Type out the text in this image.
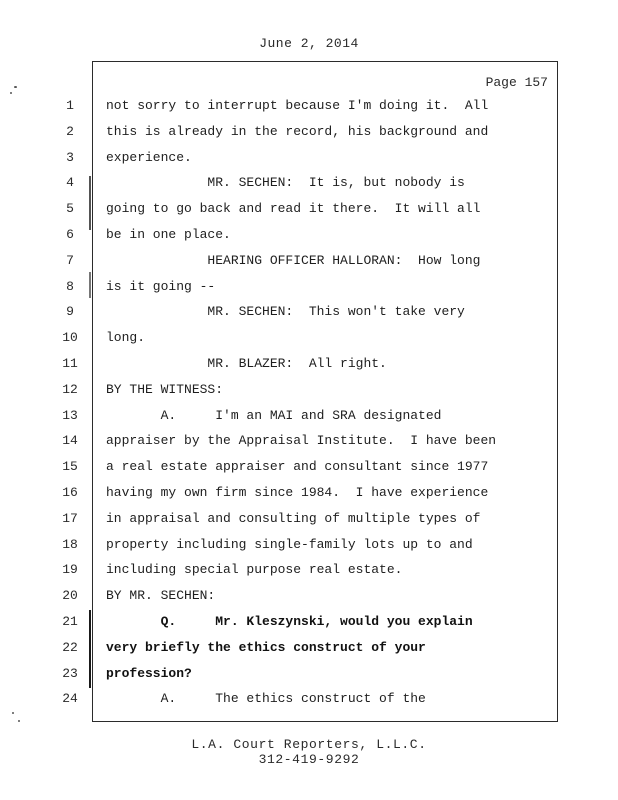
June 2, 2014
Page 157
1	not sorry to interrupt because I'm doing it.  All
2	this is already in the record, his background and
3	experience.
4	MR. SECHEN:  It is, but nobody is
5	going to go back and read it there.  It will all
6	be in one place.
7	HEARING OFFICER HALLORAN:  How long
8	is it going --
9	MR. SECHEN:  This won't take very
10	long.
11	MR. BLAZER:  All right.
12	BY THE WITNESS:
13	A.     I'm an MAI and SRA designated
14	appraiser by the Appraisal Institute.  I have been
15	a real estate appraiser and consultant since 1977
16	having my own firm since 1984.  I have experience
17	in appraisal and consulting of multiple types of
18	property including single-family lots up to and
19	including special purpose real estate.
20	BY MR. SECHEN:
21	Q.     Mr. Kleszynski, would you explain
22	very briefly the ethics construct of your
23	profession?
24	A.     The ethics construct of the
L.A. Court Reporters, L.L.C.
312-419-9292
